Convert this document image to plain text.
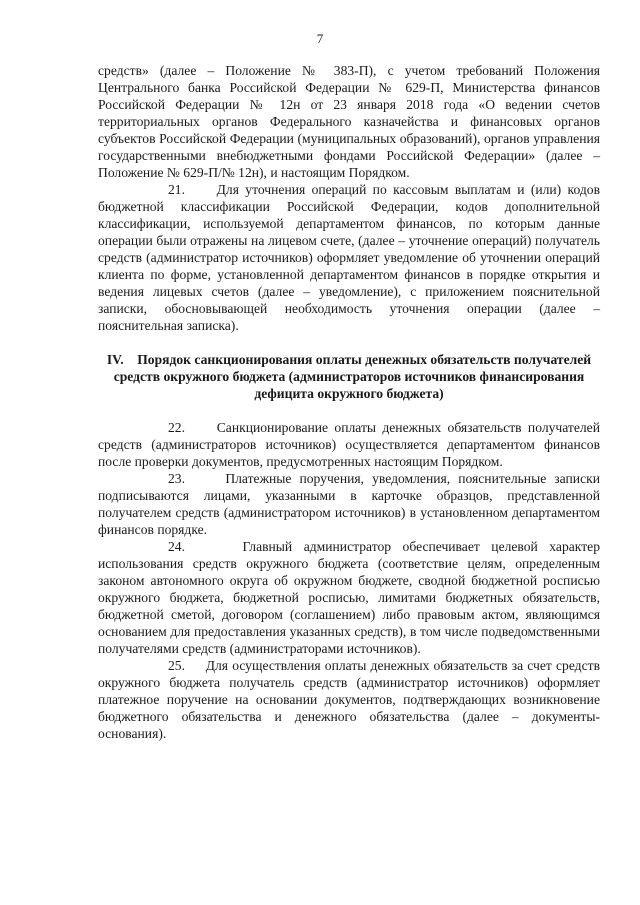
7

средств» (далее – Положение № 383-П), с учетом требований Положения Центрального банка Российской Федерации № 629-П, Министерства финансов Российской Федерации № 12н от 23 января 2018 года «О ведении счетов территориальных органов Федерального казначейства и финансовых органов субъектов Российской Федерации (муниципальных образований), органов управления государственными внебюджетными фондами Российской Федерации» (далее – Положение № 629-П/№ 12н), и настоящим Порядком.

21. Для уточнения операций по кассовым выплатам и (или) кодов бюджетной классификации Российской Федерации, кодов дополнительной классификации, используемой департаментом финансов, по которым данные операции были отражены на лицевом счете, (далее – уточнение операций) получатель средств (администратор источников) оформляет уведомление об уточнении операций клиента по форме, установленной департаментом финансов в порядке открытия и ведения лицевых счетов (далее – уведомление), с приложением пояснительной записки, обосновывающей необходимость уточнения операции (далее – пояснительная записка).

IV. Порядок санкционирования оплаты денежных обязательств получателей средств окружного бюджета (администраторов источников финансирования дефицита окружного бюджета)

22. Санкционирование оплаты денежных обязательств получателей средств (администраторов источников) осуществляется департаментом финансов после проверки документов, предусмотренных настоящим Порядком.

23.	Платежные поручения, уведомления, пояснительные записки подписываются лицами, указанными в карточке образцов, представленной получателем средств (администратором источников) в установленном департаментом финансов порядке.

24.	Главный администратор обеспечивает целевой характер использования средств окружного бюджета (соответствие целям, определенным законом автономного округа об окружном бюджете, сводной бюджетной росписью окружного бюджета, бюджетной росписью, лимитами бюджетных обязательств, бюджетной сметой, договором (соглашением) либо правовым актом, являющимся основанием для предоставления указанных средств), в том числе подведомственными получателями средств (администраторами источников).

25. Для осуществления оплаты денежных обязательств за счет средств окружного бюджета получатель средств (администратор источников) оформляет платежное поручение на основании документов, подтверждающих возникновение бюджетного обязательства и денежного обязательства (далее – документы-основания).
